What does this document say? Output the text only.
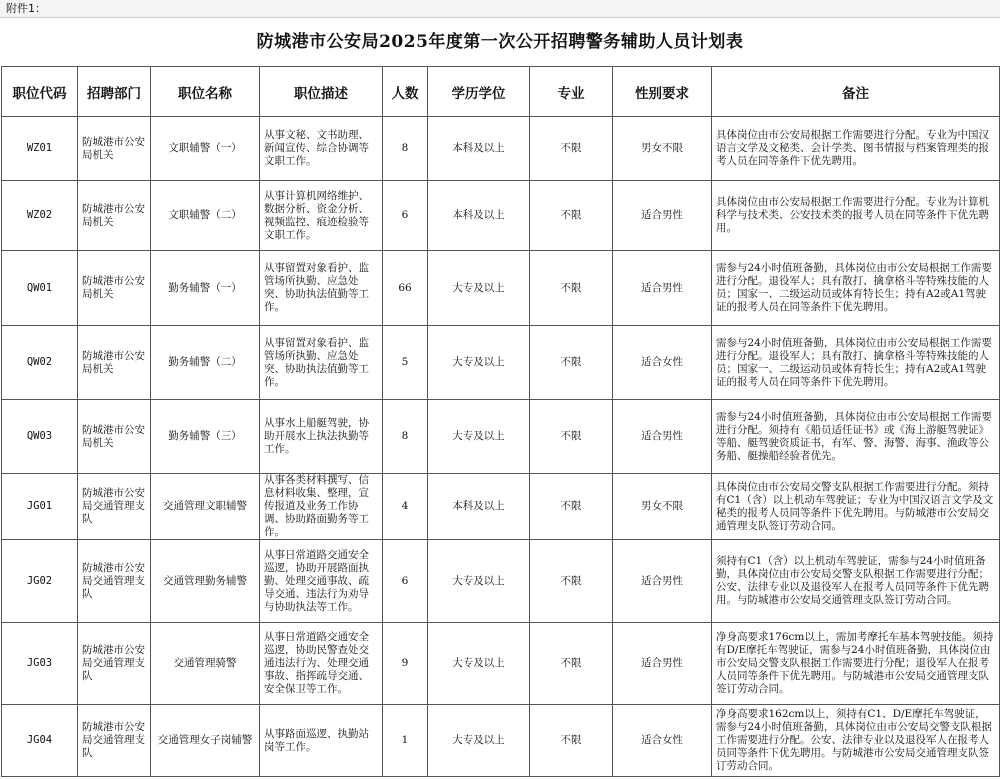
附件1：
防城港市公安局2025年度第一次公开招聘警务辅助人员计划表
职位代码	招聘部门	职位名称	职位描述	人数	学历学位	专业	性别要求	备注
WZ01	防城港市公安局机关	文职辅警（一）	从事文秘、文书助理、新闻宣传、综合协调等文职工作。	8	本科及以上	不限	男女不限	具体岗位由市公安局根据工作需要进行分配。专业为中国汉语言文学及文秘类、会计学类、图书情报与档案管理类的报考人员在同等条件下优先聘用。
WZ02	防城港市公安局机关	文职辅警（二）	从事计算机网络维护、数据分析、资金分析、视频监控、痕迹检验等文职工作。	6	本科及以上	不限	适合男性	具体岗位由市公安局根据工作需要进行分配。专业为计算机科学与技术类、公安技术类的报考人员在同等条件下优先聘用。
QW01	防城港市公安局机关	勤务辅警（一）	从事留置对象看护、监管场所执勤、应急处突、协助执法值勤等工作。	66	大专及以上	不限	适合男性	需参与24小时值班备勤，具体岗位由市公安局根据工作需要进行分配。退役军人；具有散打、擒拿格斗等特殊技能的人员；国家一、二级运动员或体育特长生；持有A2或A1驾驶证的报考人员在同等条件下优先聘用。
QW02	防城港市公安局机关	勤务辅警（二）	从事留置对象看护、监管场所执勤、应急处突、协助执法值勤等工作。	5	大专及以上	不限	适合女性	需参与24小时值班备勤，具体岗位由市公安局根据工作需要进行分配。退役军人；具有散打、擒拿格斗等特殊技能的人员；国家一、二级运动员或体育特长生；持有A2或A1驾驶证的报考人员在同等条件下优先聘用。
QW03	防城港市公安局机关	勤务辅警（三）	从事水上船艇驾驶，协助开展水上执法执勤等工作。	8	大专及以上	不限	适合男性	需参与24小时值班备勤，具体岗位由市公安局根据工作需要进行分配。须持有《船员适任证书》或《海上游艇驾驶证》等船、艇驾驶资质证书，有军、警、海警、海事、渔政等公务船、艇操船经验者优先。
JG01	防城港市公安局交通管理支队	交通管理文职辅警	从事各类材料撰写、信息材料收集、整理，宣传报道及业务工作协调、协助路面勤务等工作。	4	本科及以上	不限	男女不限	具体岗位由市公安局交警支队根据工作需要进行分配。须持有C1（含）以上机动车驾驶证；专业为中国汉语言文学及文秘类的报考人员同等条件下优先聘用。与防城港市公安局交通管理支队签订劳动合同。
JG02	防城港市公安局交通管理支队	交通管理勤务辅警	从事日常道路交通安全巡逻，协助开展路面执勤、处理交通事故、疏导交通、违法行为劝导与协助执法等工作。	6	大专及以上	不限	适合男性	须持有C1（含）以上机动车驾驶证，需参与24小时值班备勤，具体岗位由市公安局交警支队根据工作需要进行分配；公安、法律专业以及退役军人在报考人员同等条件下优先聘用。与防城港市公安局交通管理支队签订劳动合同。
JG03	防城港市公安局交通管理支队	交通管理骑警	从事日常道路交通安全巡逻，协助民警查处交通违法行为、处理交通事故、指挥疏导交通、安全保卫等工作。	9	大专及以上	不限	适合男性	净身高要求176cm以上，需加考摩托车基本驾驶技能。须持有D/E摩托车驾驶证，需参与24小时值班备勤，具体岗位由市公安局交警支队根据工作需要进行分配；退役军人在报考人员同等条件下优先聘用。与防城港市公安局交通管理支队签订劳动合同。
JG04	防城港市公安局交通管理支队	交通管理女子岗辅警	从事路面巡逻、执勤站岗等工作。	1	大专及以上	不限	适合女性	净身高要求162cm以上，须持有C1、D/E摩托车驾驶证，需参与24小时值班备勤，具体岗位由市公安局交警支队根据工作需要进行分配。公安、法律专业以及退役军人在报考人员同等条件下优先聘用。与防城港市公安局交通管理支队签订劳动合同。
